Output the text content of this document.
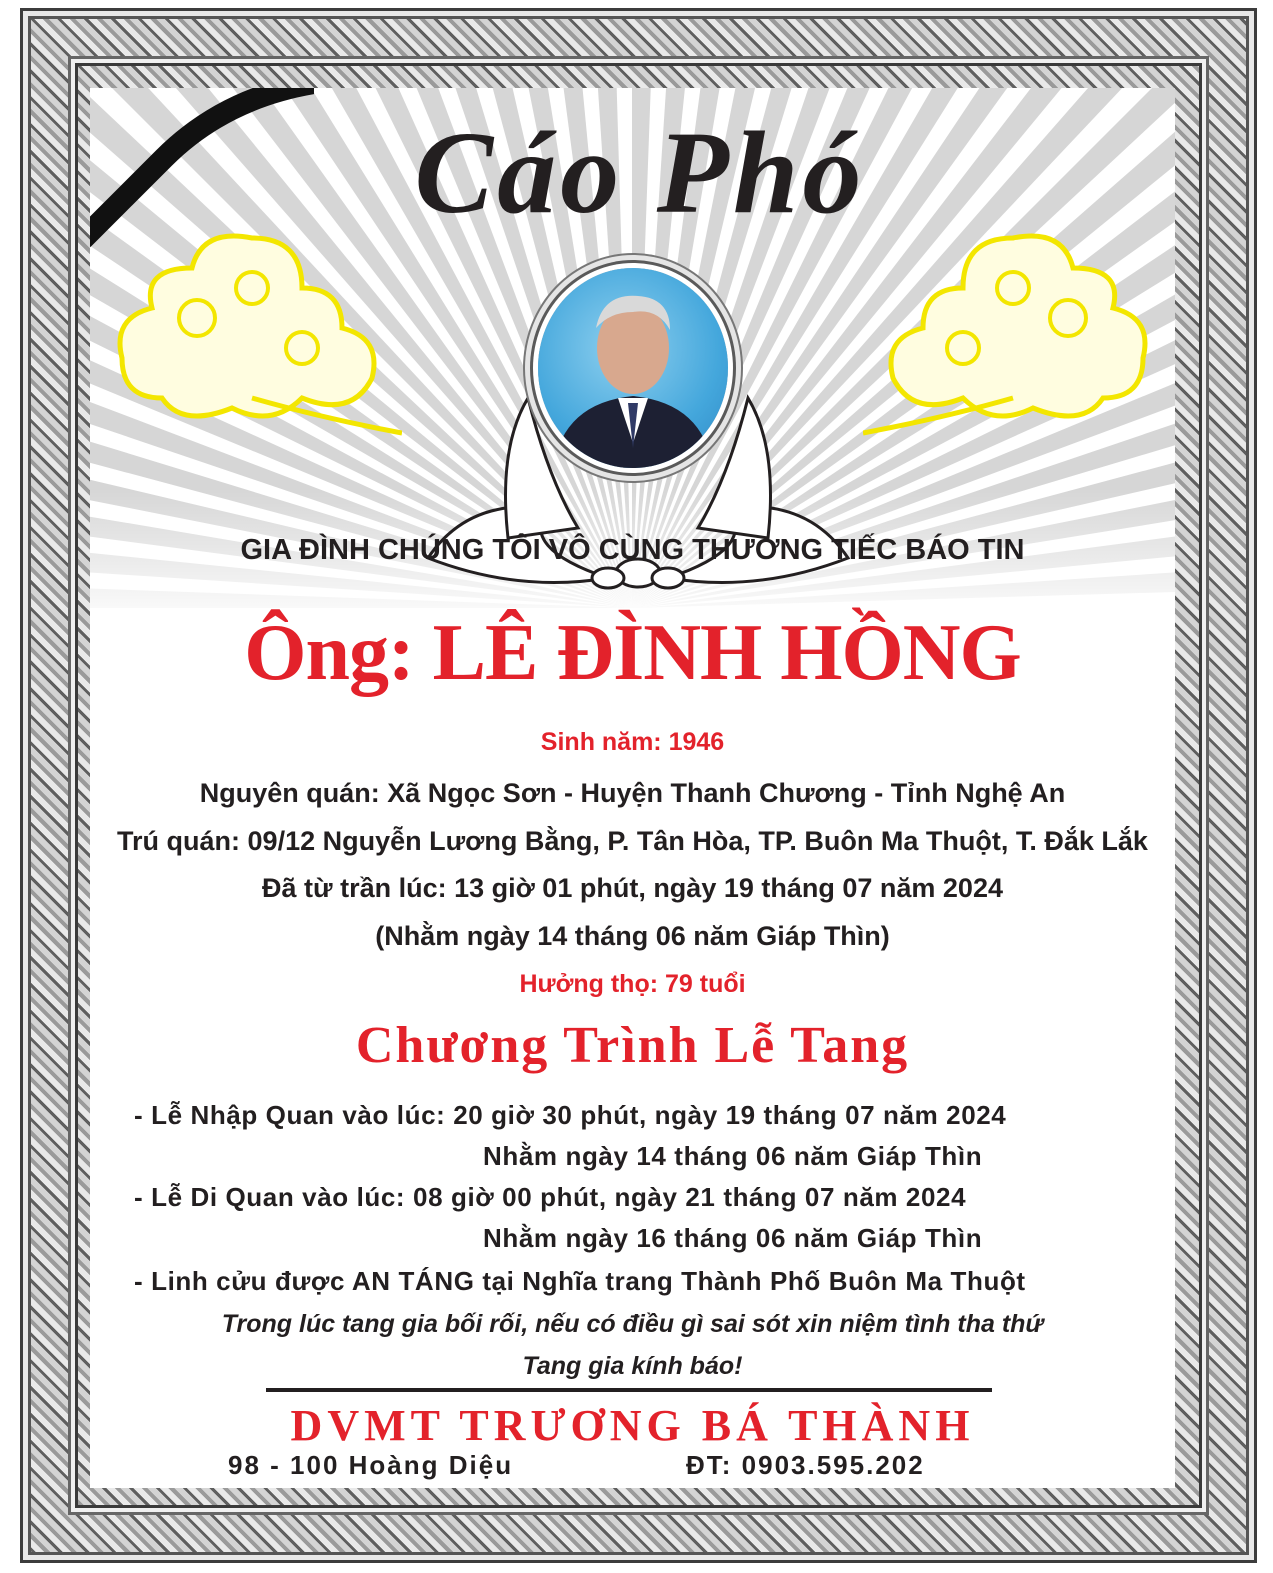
Cáo Phó
GIA ĐÌNH CHÚNG TÔI VÔ CÙNG THƯƠNG TIẾC BÁO TIN
Ông: LÊ ĐÌNH HỒNG
Sinh năm: 1946
Nguyên quán: Xã Ngọc Sơn - Huyện Thanh Chương - Tỉnh Nghệ An
Trú quán: 09/12 Nguyễn Lương Bằng, P. Tân Hòa, TP. Buôn Ma Thuột, T. Đắk Lắk
Đã từ trần lúc: 13 giờ 01 phút, ngày 19 tháng 07 năm 2024
(Nhằm ngày 14 tháng 06 năm Giáp Thìn)
Hưởng thọ: 79 tuổi
Chương Trình Lễ Tang
- Lễ Nhập Quan vào lúc: 20 giờ 30 phút, ngày 19 tháng 07 năm 2024
Nhằm ngày 14 tháng 06 năm Giáp Thìn
- Lễ Di Quan vào lúc: 08 giờ 00 phút, ngày 21 tháng 07 năm 2024
Nhằm ngày 16 tháng 06 năm Giáp Thìn
- Linh cửu được AN TÁNG tại Nghĩa trang Thành Phố Buôn Ma Thuột
Trong lúc tang gia bối rối, nếu có điều gì sai sót xin niệm tình tha thứ
Tang gia kính báo!
DVMT TRƯƠNG BÁ THÀNH
98 - 100 Hoàng Diệu	ĐT: 0903.595.202
